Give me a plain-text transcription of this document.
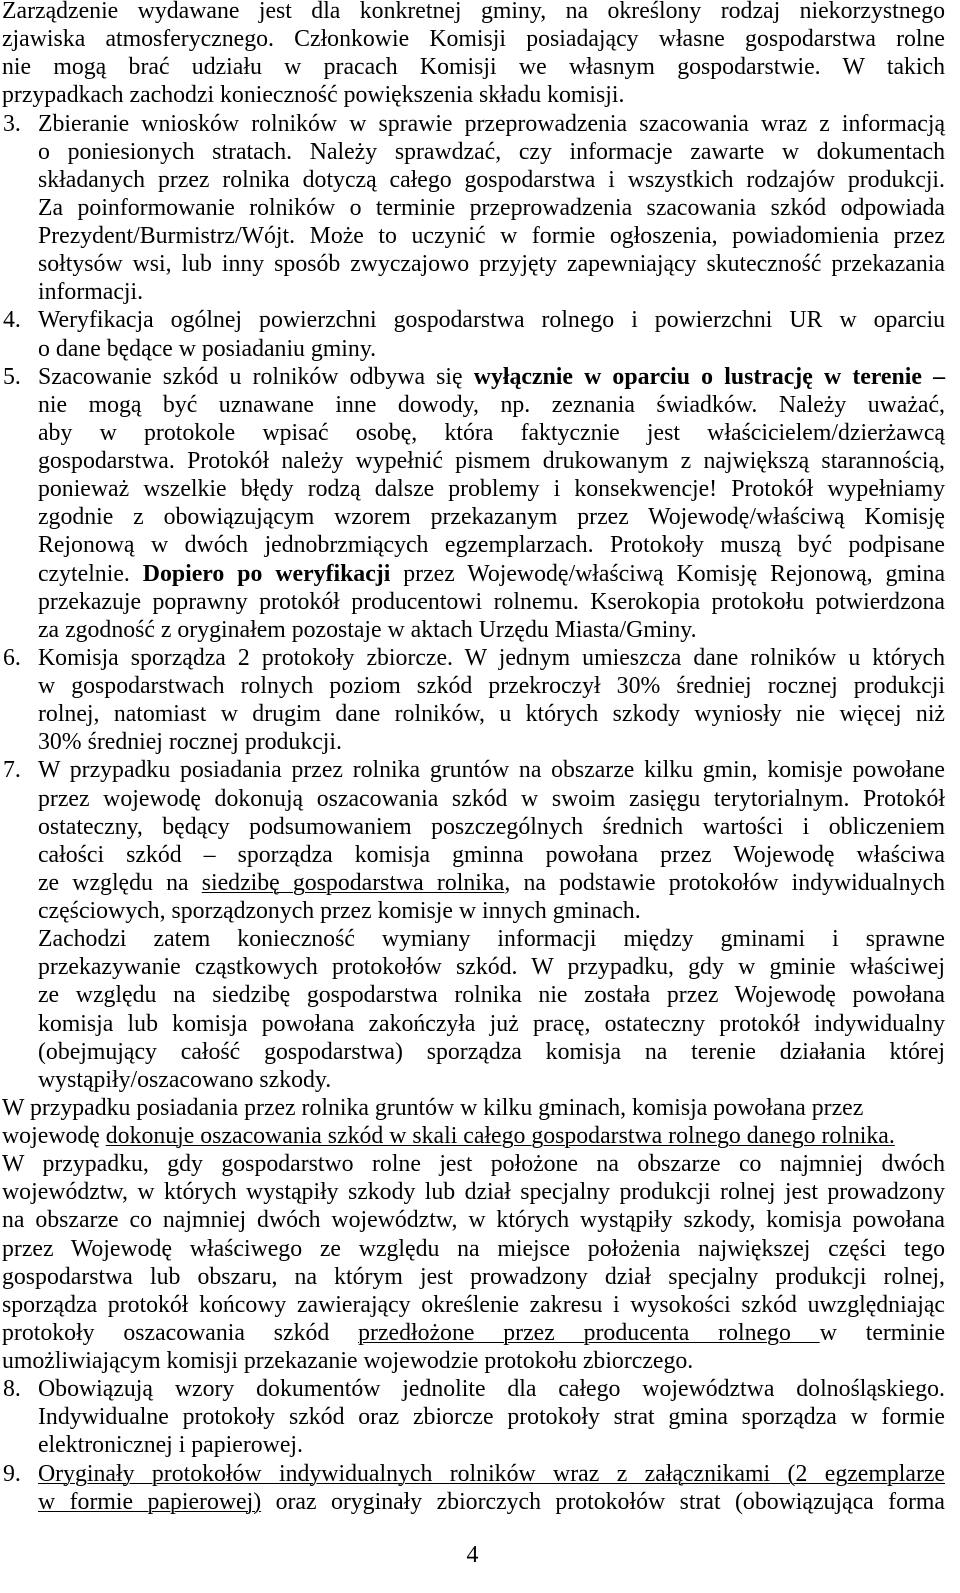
Zarządzenie wydawane jest dla konkretnej gminy, na określony rodzaj niekorzystnego
zjawiska atmosferycznego. Członkowie Komisji posiadający własne gospodarstwa rolne
nie mogą brać udziału w pracach Komisji we własnym gospodarstwie. W takich
przypadkach zachodzi konieczność powiększenia składu komisji.
3. Zbieranie wniosków rolników w sprawie przeprowadzenia szacowania wraz z informacją
o poniesionych stratach. Należy sprawdzać, czy informacje zawarte w dokumentach
składanych przez rolnika dotyczą całego gospodarstwa i wszystkich rodzajów produkcji.
Za poinformowanie rolników o terminie przeprowadzenia szacowania szkód odpowiada
Prezydent/Burmistrz/Wójt. Może to uczynić w formie ogłoszenia, powiadomienia przez
sołtysów wsi, lub inny sposób zwyczajowo przyjęty zapewniający skuteczność przekazania
informacji.
4. Weryfikacja ogólnej powierzchni gospodarstwa rolnego i powierzchni UR w oparciu
o dane będące w posiadaniu gminy.
5. Szacowanie szkód u rolników odbywa się wyłącznie w oparciu o lustrację w terenie –
nie mogą być uznawane inne dowody, np. zeznania świadków. Należy uważać,
aby w protokole wpisać osobę, która faktycznie jest właścicielem/dzierżawcą
gospodarstwa. Protokół należy wypełnić pismem drukowanym z największą starannością,
ponieważ wszelkie błędy rodzą dalsze problemy i konsekwencje! Protokół wypełniamy
zgodnie z obowiązującym wzorem przekazanym przez Wojewodę/właściwą Komisję
Rejonową w dwóch jednobrzmiących egzemplarzach. Protokoły muszą być podpisane
czytelnie. Dopiero po weryfikacji przez Wojewodę/właściwą Komisję Rejonową, gmina
przekazuje poprawny protokół producentowi rolnemu. Kserokopia protokołu potwierdzona
za zgodność z oryginałem pozostaje w aktach Urzędu Miasta/Gminy.
6. Komisja sporządza 2 protokoły zbiorcze. W jednym umieszcza dane rolników u których
w gospodarstwach rolnych poziom szkód przekroczył 30% średniej rocznej produkcji
rolnej, natomiast w drugim dane rolników, u których szkody wyniosły nie więcej niż
30% średniej rocznej produkcji.
7. W przypadku posiadania przez rolnika gruntów na obszarze kilku gmin, komisje powołane
przez wojewodę dokonują oszacowania szkód w swoim zasięgu terytorialnym. Protokół
ostateczny, będący podsumowaniem poszczególnych średnich wartości i obliczeniem
całości szkód – sporządza komisja gminna powołana przez Wojewodę właściwa
ze względu na siedzibę gospodarstwa rolnika, na podstawie protokołów indywidualnych
częściowych, sporządzonych przez komisje w innych gminach.
Zachodzi zatem konieczność wymiany informacji między gminami i sprawne
przekazywanie cząstkowych protokołów szkód. W przypadku, gdy w gminie właściwej
ze względu na siedzibę gospodarstwa rolnika nie została przez Wojewodę powołana
komisja lub komisja powołana zakończyła już pracę, ostateczny protokół indywidualny
(obejmujący całość gospodarstwa) sporządza komisja na terenie działania której
wystąpiły/oszacowano szkody.
W przypadku posiadania przez rolnika gruntów w kilku gminach, komisja powołana przez
wojewodę dokonuje oszacowania szkód w skali całego gospodarstwa rolnego danego rolnika.
W przypadku, gdy gospodarstwo rolne jest położone na obszarze co najmniej dwóch
województw, w których wystąpiły szkody lub dział specjalny produkcji rolnej jest prowadzony
na obszarze co najmniej dwóch województw, w których wystąpiły szkody, komisja powołana
przez Wojewodę właściwego ze względu na miejsce położenia największej części tego
gospodarstwa lub obszaru, na którym jest prowadzony dział specjalny produkcji rolnej,
sporządza protokół końcowy zawierający określenie zakresu i wysokości szkód uwzględniając
protokoły oszacowania szkód przedłożone przez producenta rolnego w terminie
umożliwiającym komisji przekazanie wojewodzie protokołu zbiorczego.
8. Obowiązują wzory dokumentów jednolite dla całego województwa dolnośląskiego.
Indywidualne protokoły szkód oraz zbiorcze protokoły strat gmina sporządza w formie
elektronicznej i papierowej.
9. Oryginały protokołów indywidualnych rolników wraz z załącznikami (2 egzemplarze
w formie papierowej) oraz oryginały zbiorczych protokołów strat (obowiązująca forma
4
